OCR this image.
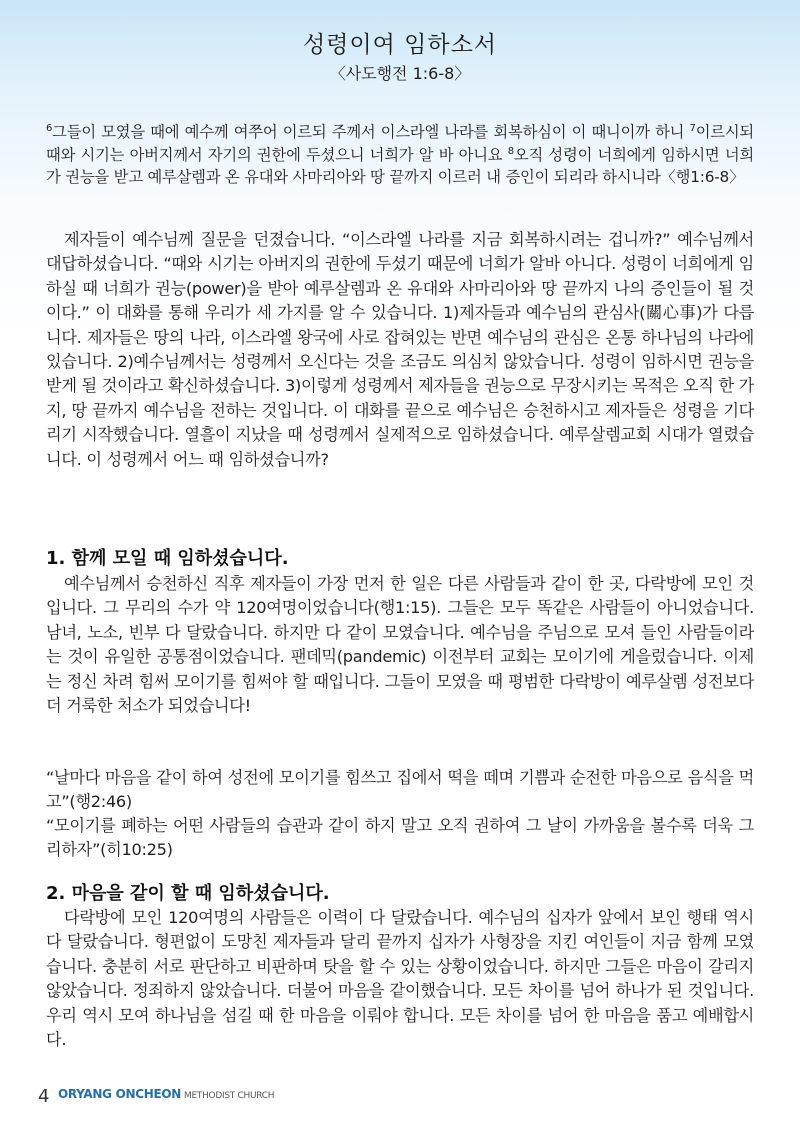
성령이여 임하소서
〈사도행전 1:6-8〉
$^6$그들이 모였을 때에 예수께 여쭈어 이르되 주께서 이스라엘 나라를 회복하심이 이 때니이까 하니 $^7$이르시되 때와 시기는 아버지께서 자기의 권한에 두셨으니 너희가 알 바 아니요 $^8$오직 성령이 너희에게 임하시면 너희가 권능을 받고 예루살렘과 온 유대와 사마리아와 땅 끝까지 이르러 내 증인이 되리라 하시니라〈행1:6-8〉
제자들이 예수님께 질문을 던졌습니다. “이스라엘 나라를 지금 회복하시려는 겁니까?” 예수님께서 대답하셨습니다. “때와 시기는 아버지의 권한에 두셨기 때문에 너희가 알바 아니다. 성령이 너희에게 임하실 때 너희가 권능(power)을 받아 예루살렘과 온 유대와 사마리아와 땅 끝까지 나의 증인들이 될 것이다.” 이 대화를 통해 우리가 세 가지를 알 수 있습니다. 1)제자들과 예수님의 관심사(關心事)가 다릅니다. 제자들은 땅의 나라, 이스라엘 왕국에 사로 잡혀있는 반면 예수님의 관심은 온통 하나님의 나라에 있습니다. 2)예수님께서는 성령께서 오신다는 것을 조금도 의심치 않았습니다. 성령이 임하시면 권능을 받게 될 것이라고 확신하셨습니다. 3)이렇게 성령께서 제자들을 권능으로 무장시키는 목적은 오직 한 가지, 땅 끝까지 예수님을 전하는 것입니다. 이 대화를 끝으로 예수님은 승천하시고 제자들은 성령을 기다리기 시작했습니다. 열흘이 지났을 때 성령께서 실제적으로 임하셨습니다. 예루살렘교회 시대가 열렸습니다. 이 성령께서 어느 때 임하셨습니까?
1. 함께 모일 때 임하셨습니다.
예수님께서 승천하신 직후 제자들이 가장 먼저 한 일은 다른 사람들과 같이 한 곳, 다락방에 모인 것입니다. 그 무리의 수가 약 120여명이었습니다(행1:15). 그들은 모두 똑같은 사람들이 아니었습니다. 남녀, 노소, 빈부 다 달랐습니다. 하지만 다 같이 모였습니다. 예수님을 주님으로 모셔 들인 사람들이라는 것이 유일한 공통점이었습니다. 팬데믹(pandemic) 이전부터 교회는 모이기에 게을렀습니다. 이제는 정신 차려 힘써 모이기를 힘써야 할 때입니다. 그들이 모였을 때 평범한 다락방이 예루살렘 성전보다 더 거룩한 처소가 되었습니다!
“날마다 마음을 같이 하여 성전에 모이기를 힘쓰고 집에서 떡을 떼며 기쁨과 순전한 마음으로 음식을 먹고”(행2:46)
“모이기를 폐하는 어떤 사람들의 습관과 같이 하지 말고 오직 권하여 그 날이 가까움을 볼수록 더욱 그리하자”(히10:25)
2. 마음을 같이 할 때 임하셨습니다.
다락방에 모인 120여명의 사람들은 이력이 다 달랐습니다. 예수님의 십자가 앞에서 보인 행태 역시 다 달랐습니다. 형편없이 도망친 제자들과 달리 끝까지 십자가 사형장을 지킨 여인들이 지금 함께 모였습니다. 충분히 서로 판단하고 비판하며 탓을 할 수 있는 상황이었습니다. 하지만 그들은 마음이 갈리지 않았습니다. 정죄하지 않았습니다. 더불어 마음을 같이했습니다. 모든 차이를 넘어 하나가 된 것입니다. 우리 역시 모여 하나님을 섬길 때 한 마음을 이뤄야 합니다. 모든 차이를 넘어 한 마음을 품고 예배합시다.
4 ORYANG ONCHEON METHODIST CHURCH
